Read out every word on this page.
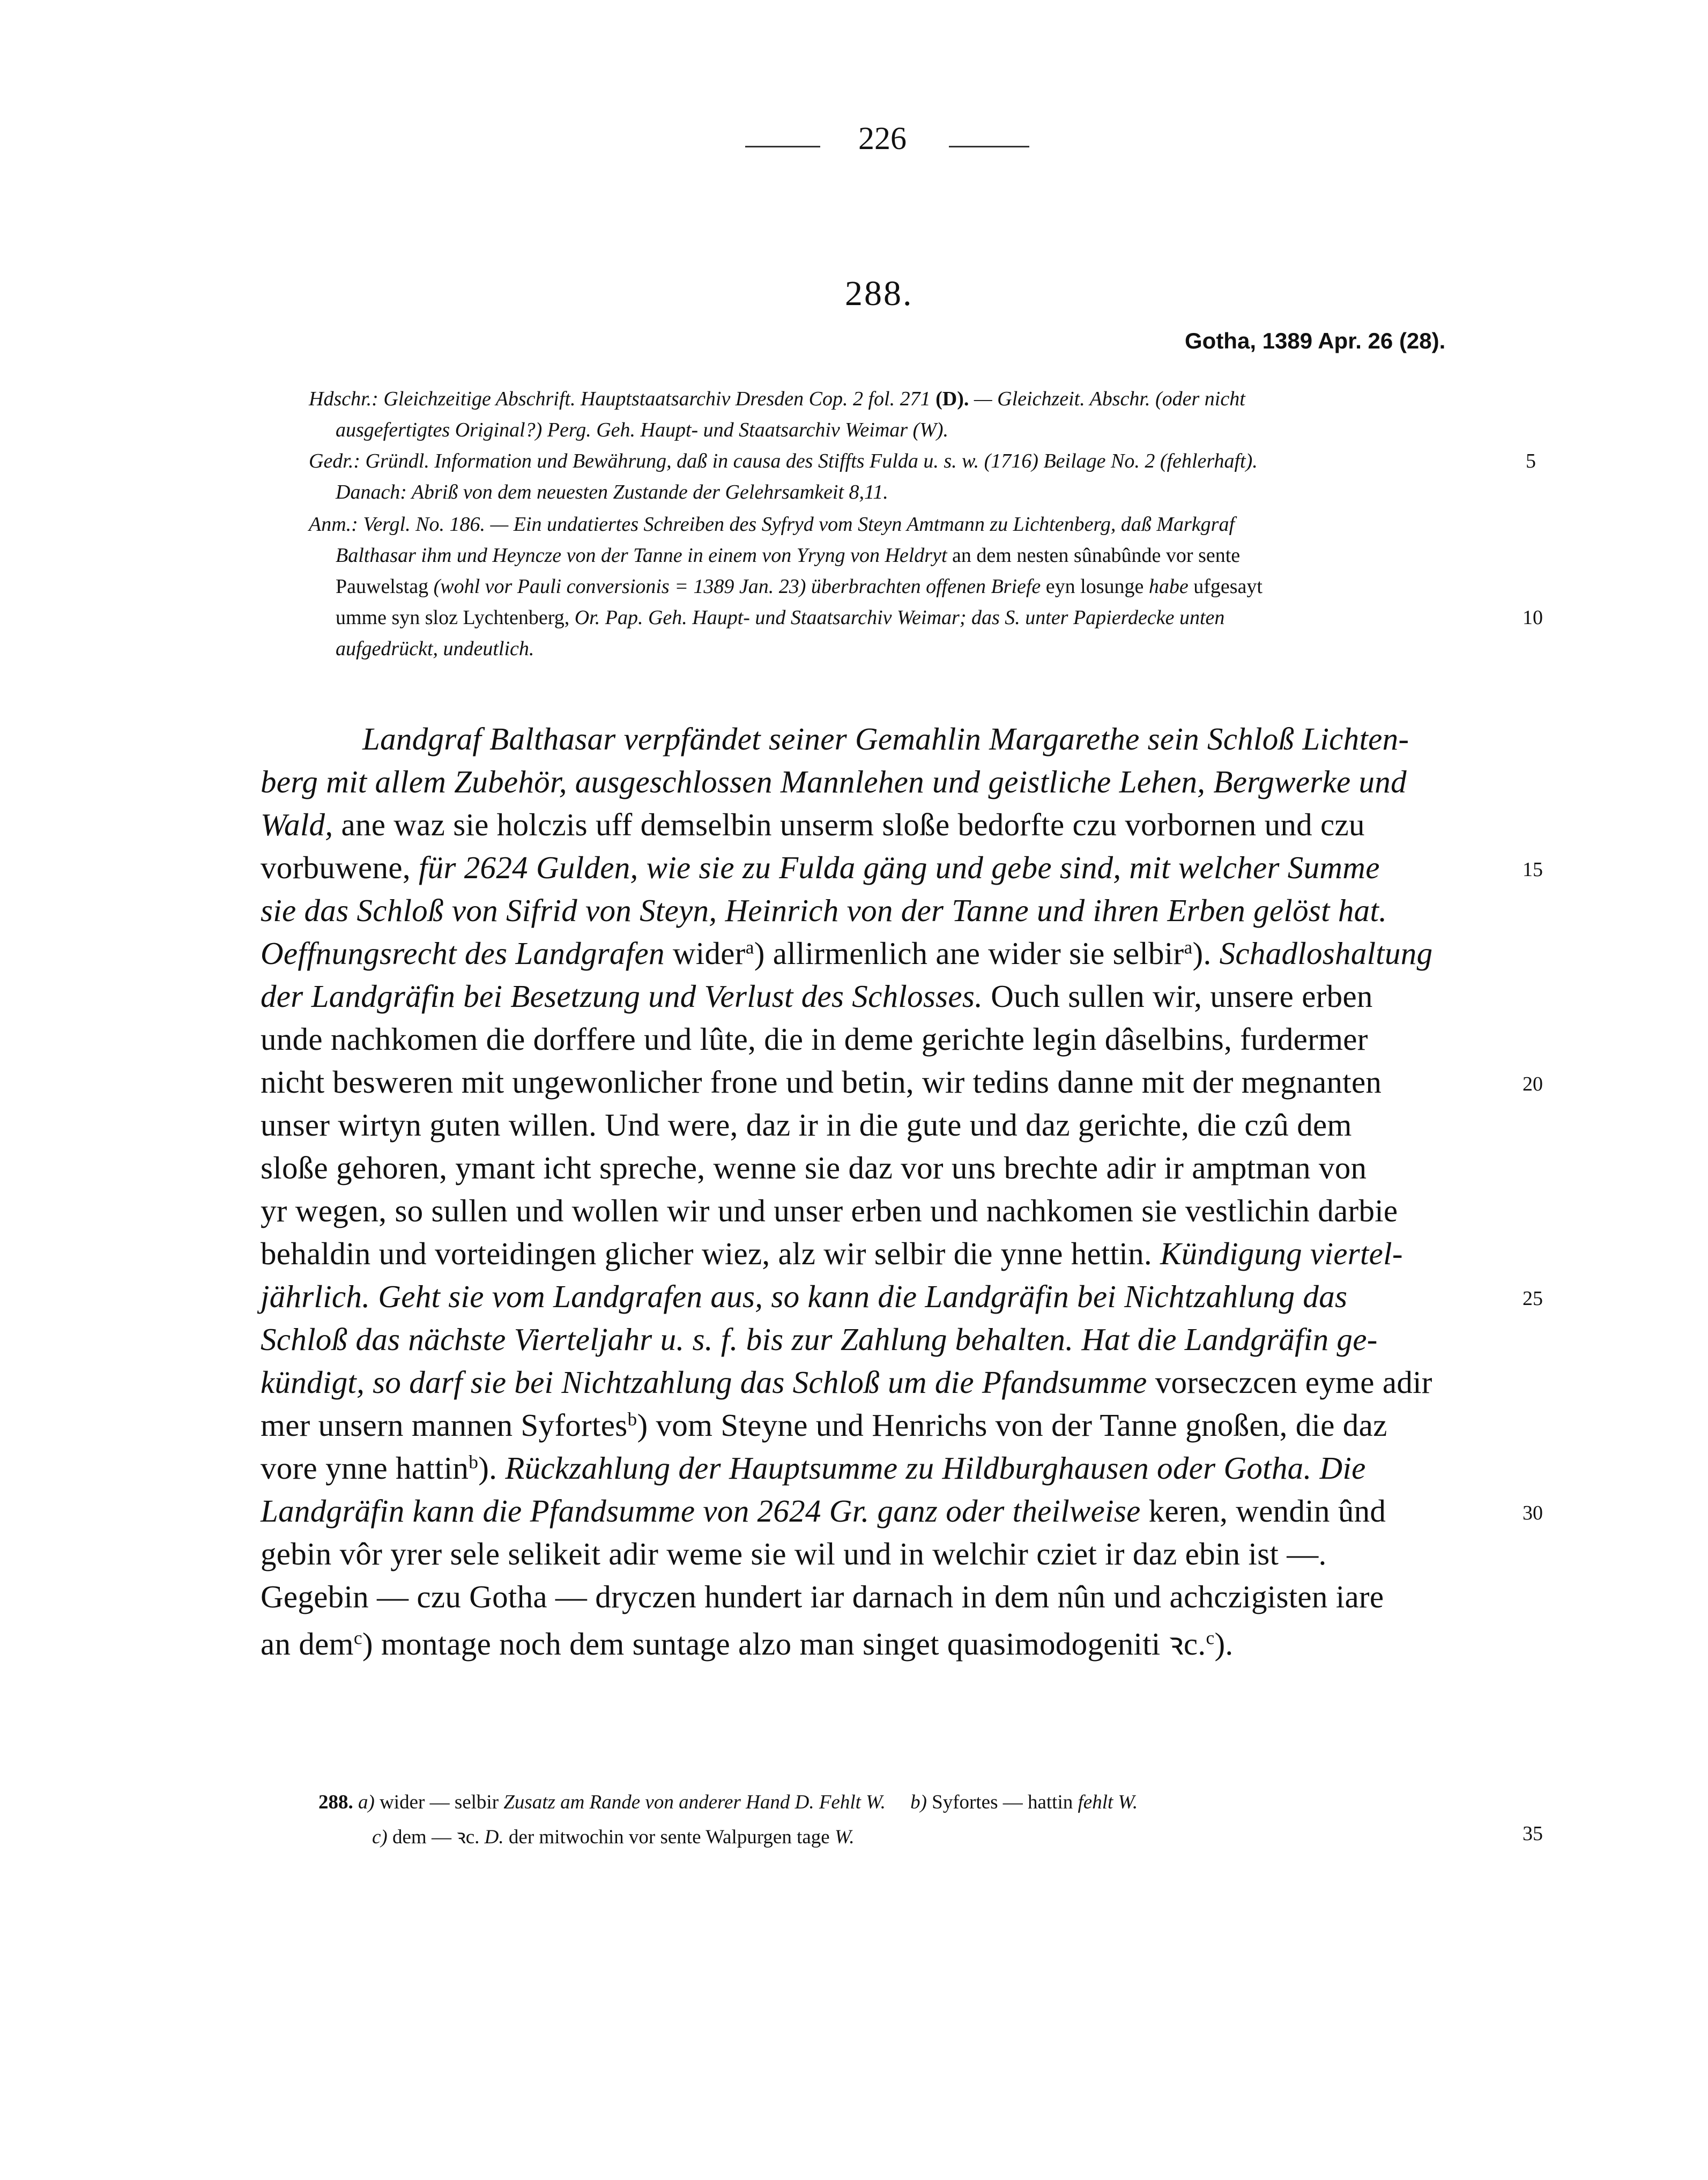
226
288.
Gotha, 1389 Apr. 26 (28).
Hdschr.: Gleichzeitige Abschrift. Hauptstaatsarchiv Dresden Cop. 2 fol. 271 (D). — Gleichzeit. Abschr. (oder nicht
ausgefertigtes Original?) Perg. Geh. Haupt- und Staatsarchiv Weimar (W).
Gedr.: Gründl. Information und Bewährung, daß in causa des Stiffts Fulda u. s. w. (1716) Beilage No. 2 (fehlerhaft).
Danach: Abriß von dem neuesten Zustande der Gelehrsamkeit 8,11.
Anm.: Vergl. No. 186. — Ein undatiertes Schreiben des Syfryd vom Steyn Amtmann zu Lichtenberg, daß Markgraf
Balthasar ihm und Heyncze von der Tanne in einem von Yryng von Heldryt an dem nesten sûnabûnde vor sente
Pauwelstag (wohl vor Pauli conversionis = 1389 Jan. 23) überbrachten offenen Briefe eyn losunge habe ufgesayt
umme syn sloz Lychtenberg, Or. Pap. Geh. Haupt- und Staatsarchiv Weimar; das S. unter Papierdecke unten
aufgedrückt, undeutlich.
Landgraf Balthasar verpfändet seiner Gemahlin Margarethe sein Schloß Lichten-
berg mit allem Zubehör, ausgeschlossen Mannlehen und geistliche Lehen, Bergwerke und
Wald, ane waz sie holczis uff demselbin unserm sloße bedorfte czu vorbornen und czu
vorbuwene, für 2624 Gulden, wie sie zu Fulda gäng und gebe sind, mit welcher Summe
sie das Schloß von Sifrid von Steyn, Heinrich von der Tanne und ihren Erben gelöst hat.
Oeffnungsrecht des Landgrafen wider$^a$) allirmenlich ane wider sie selbir$^a$). Schadloshaltung
der Landgräfin bei Besetzung und Verlust des Schlosses. Ouch sullen wir, unsere erben
unde nachkomen die dorffere und lûte, die in deme gerichte legin dâselbins, furdermer
nicht besweren mit ungewonlicher frone und betin, wir tedins danne mit der megnanten
unser wirtyn guten willen. Und were, daz ir in die gute und daz gerichte, die czû dem
sloße gehoren, ymant icht spreche, wenne sie daz vor uns brechte adir ir amptman von
yr wegen, so sullen und wollen wir und unser erben und nachkomen sie vestlichin darbie
behaldin und vorteidingen glicher wiez, alz wir selbir die ynne hettin. Kündigung viertel-
jährlich. Geht sie vom Landgrafen aus, so kann die Landgräfin bei Nichtzahlung das
Schloß das nächste Vierteljahr u. s. f. bis zur Zahlung behalten. Hat die Landgräfin ge-
kündigt, so darf sie bei Nichtzahlung das Schloß um die Pfandsumme vorseczcen eyme adir
mer unsern mannen Syfortes$^b$) vom Steyne und Henrichs von der Tanne gnoßen, die daz
vore ynne hattin$^b$). Rückzahlung der Hauptsumme zu Hildburghausen oder Gotha. Die
Landgräfin kann die Pfandsumme von 2624 Gr. ganz oder theilweise keren, wendin ûnd
gebin vôr yrer sele selikeit adir weme sie wil und in welchir cziet ir daz ebin ist —.
Gegebin — czu Gotha — dryczen hundert iar darnach in dem nûn und achczigisten iare
an dem$^c$) montage noch dem suntage alzo man singet quasimodogeniti ꝛc.$^c$).
288. a) wider — selbir Zusatz am Rande von anderer Hand D. Fehlt W. b) Syfortes — hattin fehlt W.
c) dem — ꝛc. D. der mitwochin vor sente Walpurgen tage W.
5
10
15
20
25
30
35
